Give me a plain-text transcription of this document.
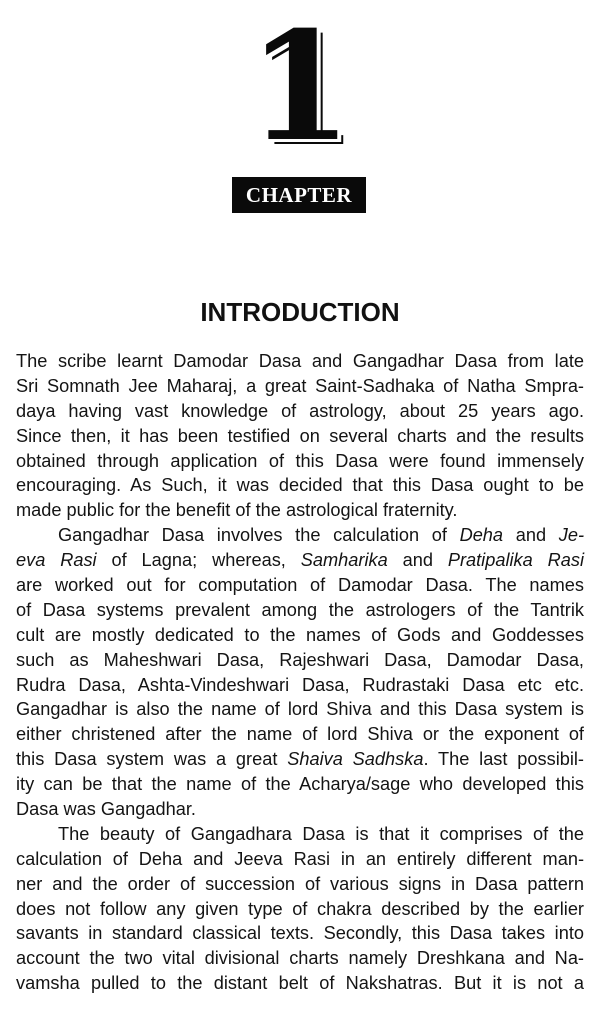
1
CHAPTER
INTRODUCTION
The scribe learnt Damodar Dasa and Gangadhar Dasa from late
Sri Somnath Jee Maharaj, a great Saint-Sadhaka of Natha Smpra-
daya having vast knowledge of astrology, about 25 years ago.
Since then, it has been testified on several charts and the results
obtained through application of this Dasa were found immensely
encouraging. As Such, it was decided that this Dasa ought to be
made public for the benefit of the astrological fraternity.
Gangadhar Dasa involves the calculation of Deha and Je-
eva Rasi of Lagna; whereas, Samharika and Pratipalika Rasi
are worked out for computation of Damodar Dasa. The names
of Dasa systems prevalent among the astrologers of the Tantrik
cult are mostly dedicated to the names of Gods and Goddesses
such as Maheshwari Dasa, Rajeshwari Dasa, Damodar Dasa,
Rudra Dasa, Ashta-Vindeshwari Dasa, Rudrastaki Dasa etc etc.
Gangadhar is also the name of lord Shiva and this Dasa system is
either christened after the name of lord Shiva or the exponent of
this Dasa system was a great Shaiva Sadhska. The last possibil-
ity can be that the name of the Acharya/sage who developed this
Dasa was Gangadhar.
The beauty of Gangadhara Dasa is that it comprises of the
calculation of Deha and Jeeva Rasi in an entirely different man-
ner and the order of succession of various signs in Dasa pattern
does not follow any given type of chakra described by the earlier
savants in standard classical texts. Secondly, this Dasa takes into
account the two vital divisional charts namely Dreshkana and Na-
vamsha pulled to the distant belt of Nakshatras. But it is not a
